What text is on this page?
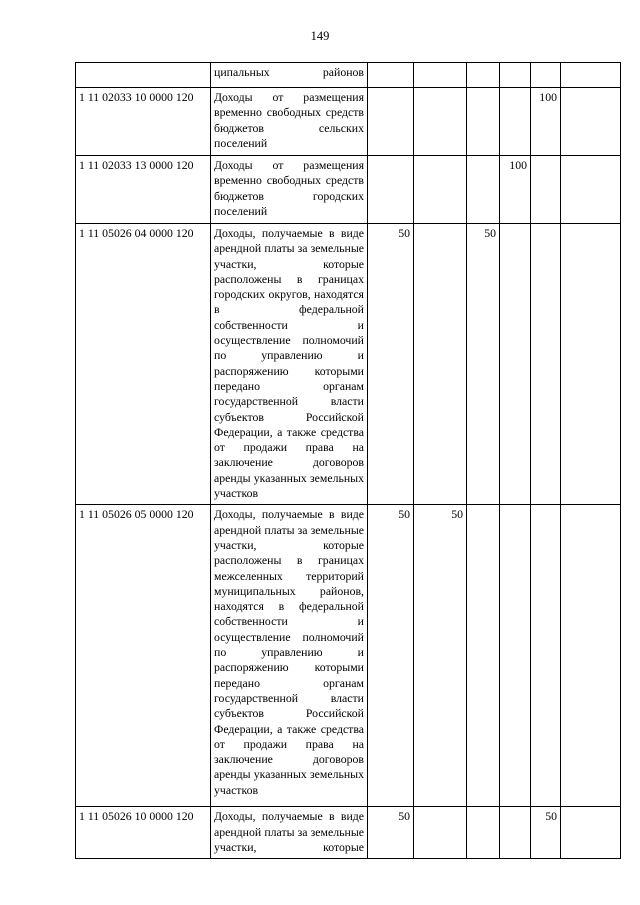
149

	ципальных районов						

1 11 02033 10 0000 120	Доходы от размещения временно свободных средств бюджетов сельских поселений					100	
1 11 02033 13 0000 120	Доходы от размещения временно свободных средств бюджетов городских поселений				100		
1 11 05026 04 0000 120	Доходы, получаемые в виде арендной платы за земельные участки, которые расположены в границах городских округов, находятся в федеральной собственности и осуществление полномочий по управлению и распоряжению которыми передано органам государственной власти субъектов Российской Федерации, а также средства от продажи права на заключение договоров аренды указанных земельных участков	50		50			
1 11 05026 05 0000 120	Доходы, получаемые в виде арендной платы за земельные участки, которые расположены в границах межселенных территорий муниципальных районов, находятся в федеральной собственности и осуществление полномочий по управлению и распоряжению которыми передано органам государственной власти субъектов Российской Федерации, а также средства от продажи права на заключение договоров аренды указанных земельных участков	50	50				
1 11 05026 10 0000 120	Доходы, получаемые в виде арендной платы за земельные участки, которые	50				50	
